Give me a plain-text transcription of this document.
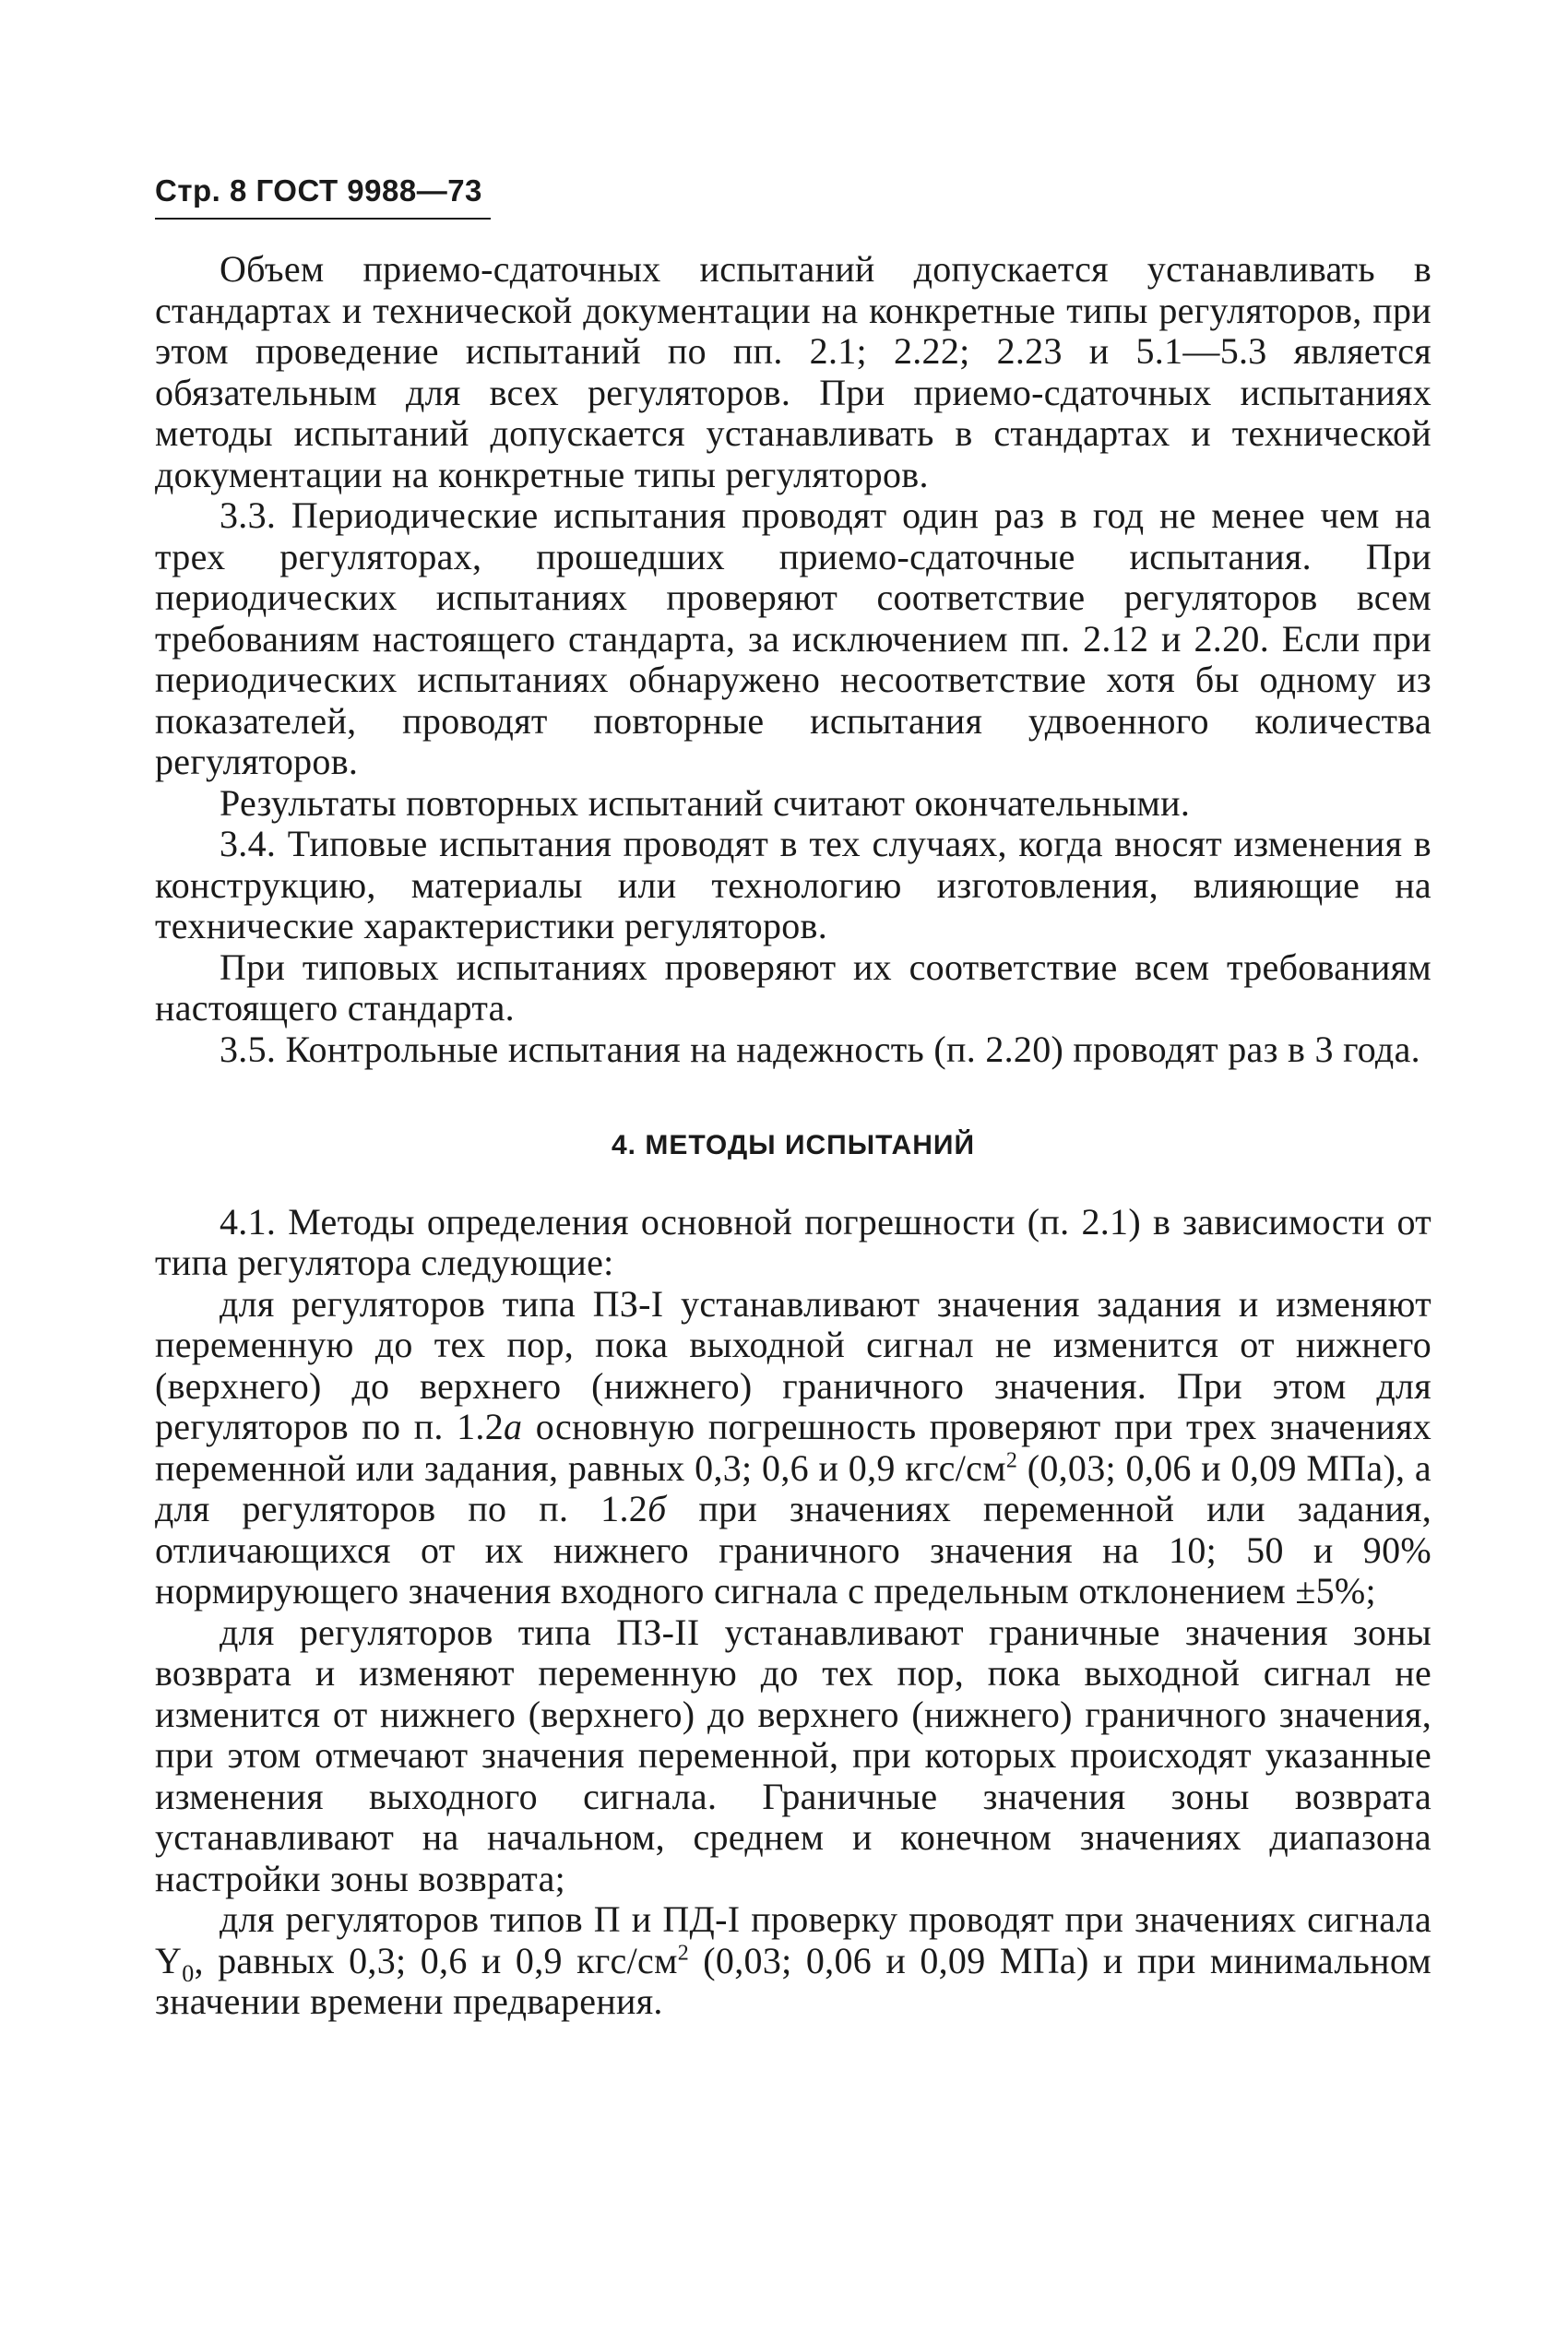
Стр. 8 ГОСТ 9988—73

Объем приемо-сдаточных испытаний допускается устанавливать в стандартах и технической документации на конкретные типы регуляторов, при этом проведение испытаний по пп. 2.1; 2.22; 2.23 и 5.1—5.3 является обязательным для всех регуляторов. При приемо-сдаточных испытаниях методы испытаний допускается устанавливать в стандартах и технической документации на конкретные типы регуляторов.

3.3. Периодические испытания проводят один раз в год не менее чем на трех регуляторах, прошедших приемо-сдаточные испытания. При периодических испытаниях проверяют соответствие регуляторов всем требованиям настоящего стандарта, за исключением пп. 2.12 и 2.20. Если при периодических испытаниях обнаружено несоответствие хотя бы одному из показателей, проводят повторные испытания удвоенного количества регуляторов.

Результаты повторных испытаний считают окончательными.

3.4. Типовые испытания проводят в тех случаях, когда вносят изменения в конструкцию, материалы или технологию изготовления, влияющие на технические характеристики регуляторов.

При типовых испытаниях проверяют их соответствие всем требованиям настоящего стандарта.

3.5. Контрольные испытания на надежность (п. 2.20) проводят раз в 3 года.

4. МЕТОДЫ ИСПЫТАНИЙ

4.1. Методы определения основной погрешности (п. 2.1) в зависимости от типа регулятора следующие:

для регуляторов типа ПЗ-I устанавливают значения задания и изменяют переменную до тех пор, пока выходной сигнал не изменится от нижнего (верхнего) до верхнего (нижнего) граничного значения. При этом для регуляторов по п. 1.2а основную погрешность проверяют при трех значениях переменной или задания, равных 0,3; 0,6 и 0,9 кгс/$см^2$ (0,03; 0,06 и 0,09 МПа), а для регуляторов по п. 1.2б при значениях переменной или задания, отличающихся от их нижнего граничного значения на 10; 50 и 90% нормирующего значения входного сигнала с предельным отклонением ±5%;

для регуляторов типа ПЗ-II устанавливают граничные значения зоны возврата и изменяют переменную до тех пор, пока выходной сигнал не изменится от нижнего (верхнего) до верхнего (нижнего) граничного значения, при этом отмечают значения переменной, при которых происходят указанные изменения выходного сигнала. Граничные значения зоны возврата устанавливают на начальном, среднем и конечном значениях диапазона настройки зоны возврата;

для регуляторов типов П и ПД-I проверку проводят при значениях сигнала $Y_0$, равных 0,3; 0,6 и 0,9 кгс/$см^2$ (0,03; 0,06 и 0,09 МПа) и при минимальном значении времени предварения.
